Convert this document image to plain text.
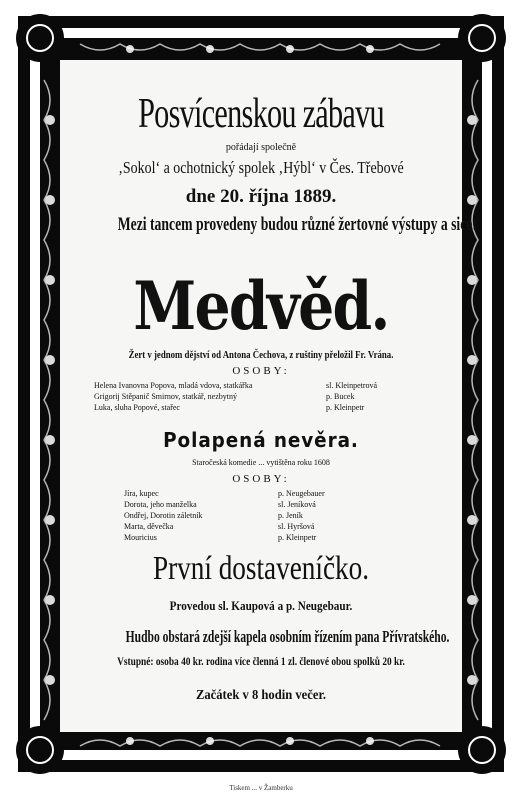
Posvícenskou zábavu
pořádají společně
‚Sokol‘ a ochotnický spolek ‚Hýbl‘ v Čes. Třebové
dne 20. října 1889.
Mezi tancem provedeny budou různé žertovné výstupy a sice:
Medvěd.
Žert v jednom dějství od Antona Čechova, z ruštiny přeložil Fr. Vrána.
OSOBY:
Helena Ivanovna Popova, mladá vdova, statkářka
Grigorij Stěpanič Smirnov, statkář, nezbytný
Luka, sluha Popové, stařec
sl. Kleinpetrová
p. Bucek
p. Kleinpetr
Polapená nevěra.
Staročeská komedie ... vytištěna roku 1608
OSOBY:
Jíra, kupec
Dorota, jeho manželka
Ondřej, Dorotin záletník
Marta, děvečka
Mouricius
p. Neugebauer
sl. Jeníková
p. Jeník
sl. Hyršová
p. Kleinpetr
První dostaveníčko.
Provedou sl. Kaupová a p. Neugebaur.
Hudbo obstará zdejší kapela osobním řízením pana Přívratského.
Vstupné: osoba 40 kr. rodina více členná 1 zl. členové obou spolků 20 kr.
Začátek v 8 hodin večer.
Tiskem ... v Žamberku
